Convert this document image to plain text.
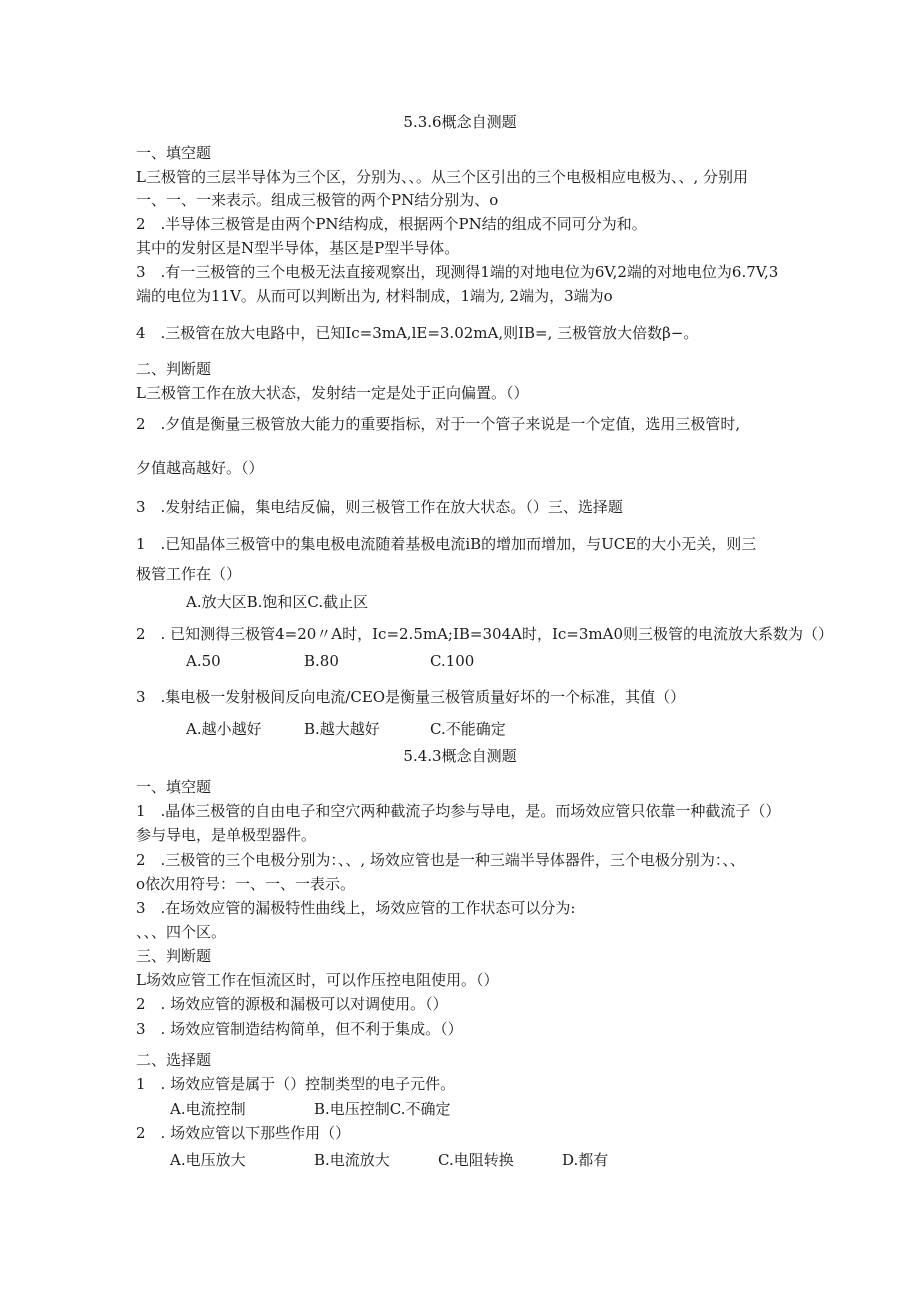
5.3.6概念自测题
一、填空题
L三极管的三层半导体为三个区，分别为、、。从三个区引出的三个电极相应电极为、、, 分别用
一、一、一来表示。组成三极管的两个PN结分别为、o
2　.半导体三极管是由两个PN结构成，根据两个PN结的组成不同可分为和。
其中的发射区是N型半导体，基区是P型半导体。
3　.有一三极管的三个电极无法直接观察出，现测得1端的对地电位为6V,2端的对地电位为6.7V,3
端的电位为11V。从而可以判断出为, 材料制成，1端为, 2端为，3端为o
4　.三极管在放大电路中，已知Ic=3mA,lE=3.02mA,则IB=, 三极管放大倍数β−。
二、判断题
L三极管工作在放大状态，发射结一定是处于正向偏置。（）
2　.夕值是衡量三极管放大能力的重要指标，对于一个管子来说是一个定值，选用三极管时,
夕值越高越好。（）
3　.发射结正偏，集电结反偏，则三极管工作在放大状态。（）三、选择题
1　.已知晶体三极管中的集电极电流随着基极电流iB的增加而增加，与UCE的大小无关，则三
极管工作在（）
A.放大区B.饱和区C.截止区
2　. 已知测得三极管4=20〃A时，Ic=2.5mA;IB=304A时，Ic=3mA0则三极管的电流放大系数为（）
A.50	B.80	C.100
3　.集电极一发射极间反向电流/CEO是衡量三极管质量好坏的一个标准，其值（）
A.越小越好	B.越大越好	C.不能确定
5.4.3概念自测题
一、填空题
1　.晶体三极管的自由电子和空穴两种截流子均参与导电，是。而场效应管只依靠一种截流子（）
参与导电，是单极型器件。
2　.三极管的三个电极分别为：、、, 场效应管也是一种三端半导体器件，三个电极分别为：、、
o依次用符号：一、一、一表示。
3　.在场效应管的漏极特性曲线上，场效应管的工作状态可以分为:
、、、四个区。
三、判断题
L场效应管工作在恒流区时，可以作压控电阻使用。（）
2　. 场效应管的源极和漏极可以对调使用。（）
3　. 场效应管制造结构简单，但不利于集成。（）
二、选择题
1　. 场效应管是属于（）控制类型的电子元件。
A.电流控制	B.电压控制C.不确定
2　. 场效应管以下那些作用（）
A.电压放大	B.电流放大	C.电阻转换	D.都有
